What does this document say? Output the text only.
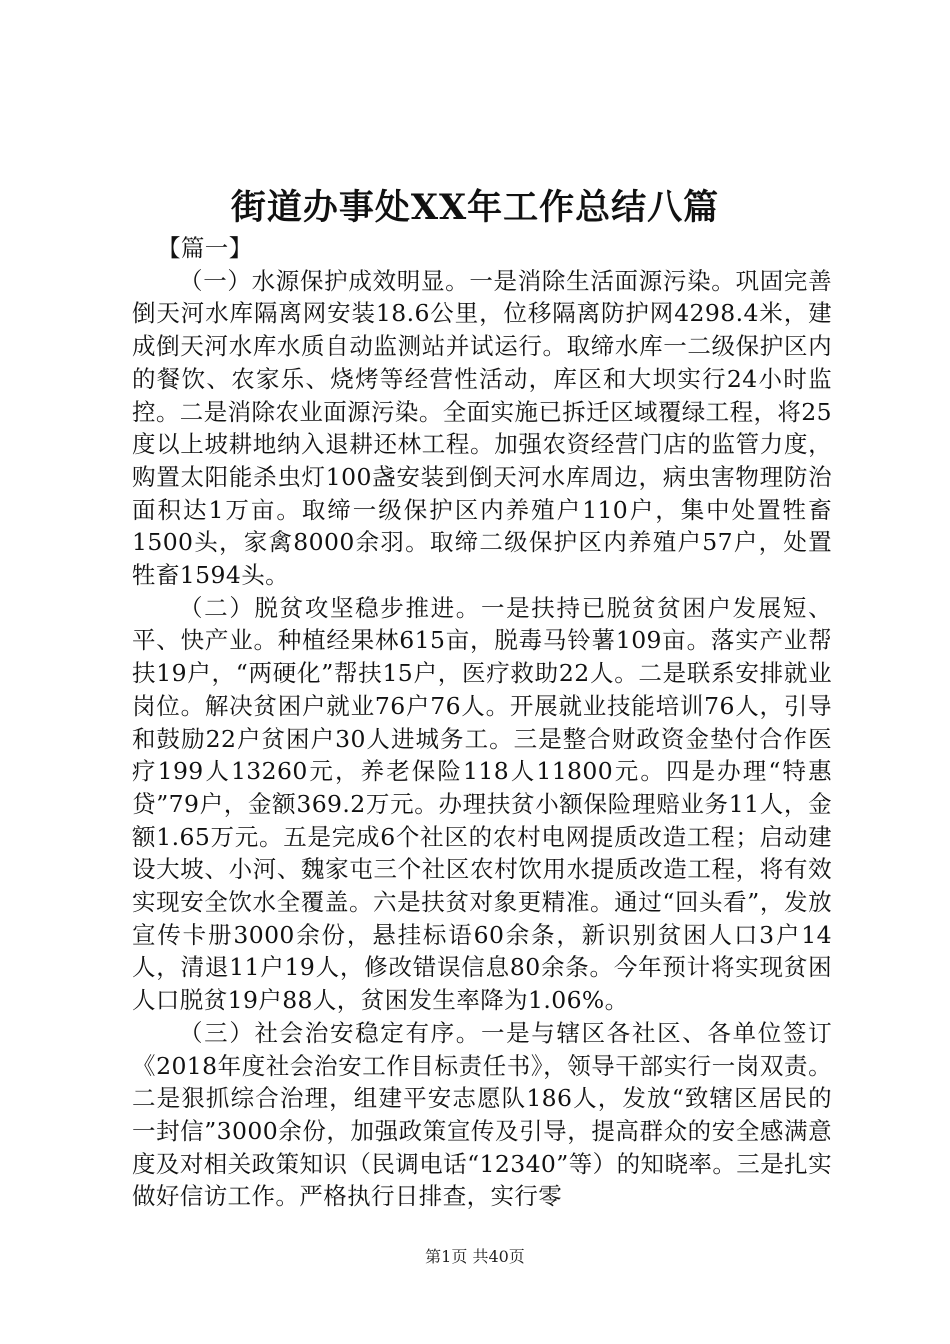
街道办事处XX年工作总结八篇

【篇一】

（一）水源保护成效明显。一是消除生活面源污染。巩固完善倒天河水库隔离网安装18.6公里，位移隔离防护网4298.4米，建成倒天河水库水质自动监测站并试运行。取缔水库一二级保护区内的餐饮、农家乐、烧烤等经营性活动，库区和大坝实行24小时监控。二是消除农业面源污染。全面实施已拆迁区域覆绿工程，将25度以上坡耕地纳入退耕还林工程。加强农资经营门店的监管力度，购置太阳能杀虫灯100盏安装到倒天河水库周边，病虫害物理防治面积达1万亩。取缔一级保护区内养殖户110户，集中处置牲畜1500头，家禽8000余羽。取缔二级保护区内养殖户57户，处置牲畜1594头。

（二）脱贫攻坚稳步推进。一是扶持已脱贫贫困户发展短、平、快产业。种植经果林615亩，脱毒马铃薯109亩。落实产业帮扶19户，“两硬化”帮扶15户，医疗救助22人。二是联系安排就业岗位。解决贫困户就业76户76人。开展就业技能培训76人，引导和鼓励22户贫困户30人进城务工。三是整合财政资金垫付合作医疗199人13260元，养老保险118人11800元。四是办理“特惠贷”79户，金额369.2万元。办理扶贫小额保险理赔业务11人，金额1.65万元。五是完成6个社区的农村电网提质改造工程；启动建设大坡、小河、魏家屯三个社区农村饮用水提质改造工程，将有效实现安全饮水全覆盖。六是扶贫对象更精准。通过“回头看”，发放宣传卡册3000余份，悬挂标语60余条，新识别贫困人口3户14人，清退11户19人，修改错误信息80余条。今年预计将实现贫困人口脱贫19户88人，贫困发生率降为1.06%。

（三）社会治安稳定有序。一是与辖区各社区、各单位签订《2018年度社会治安工作目标责任书》，领导干部实行一岗双责。二是狠抓综合治理，组建平安志愿队186人，发放“致辖区居民的一封信”3000余份，加强政策宣传及引导，提高群众的安全感满意度及对相关政策知识（民调电话“12340”等）的知晓率。三是扎实做好信访工作。严格执行日排查，实行零

第1页 共40页
